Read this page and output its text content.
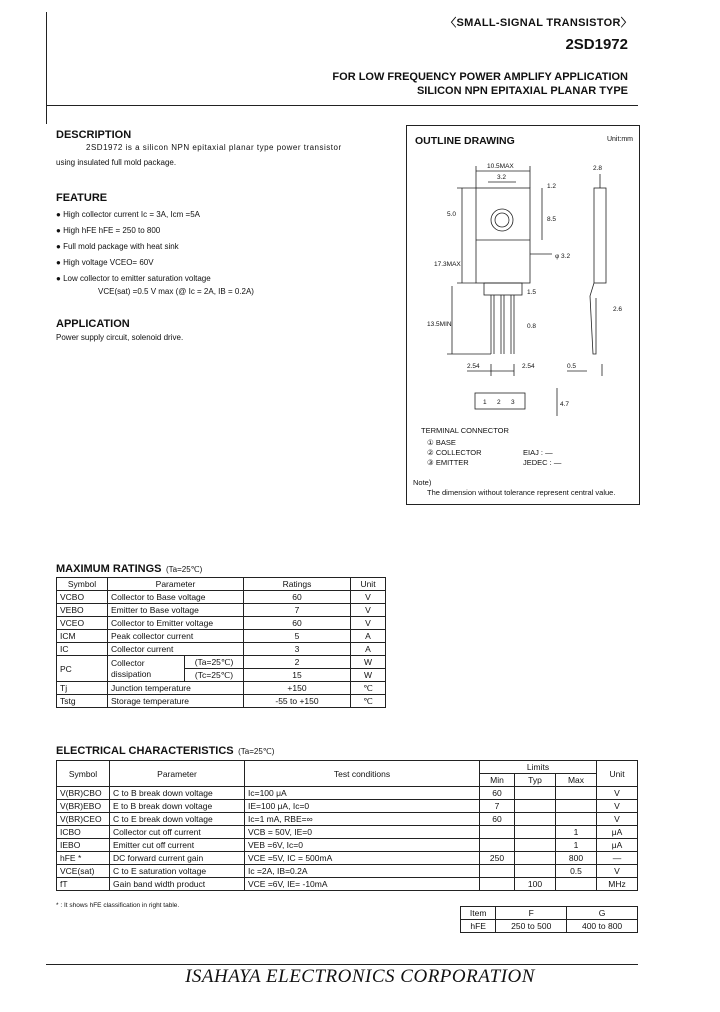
〈SMALL-SIGNAL TRANSISTOR〉
2SD1972
FOR LOW FREQUENCY POWER AMPLIFY APPLICATION
SILICON NPN EPITAXIAL PLANAR TYPE
DESCRIPTION
2SD1972 is a silicon NPN epitaxial planar type power transistor
using insulated full mold package.
FEATURE
● High collector current Ic = 3A, Icm =5A
● High hFE hFE = 250 to 800
● Full mold package with heat sink
● High voltage VCEO= 60V
● Low collector to emitter saturation voltage
VCE(sat) =0.5 V max (@ Ic = 2A, IB = 0.2A)
APPLICATION
Power supply circuit, solenoid drive.
OUTLINE DRAWING	Unit:mm
10.5MAX
3.2
2.8
1.2
5.0
8.5
17.3MAX
φ 3.2
1.5
13.5MIN	0.8
2.6
2.54	2.54	0.5
4.7
1 2 3
TERMINAL CONNECTOR
① BASE
② COLLECTOR
③ EMITTER
EIAJ : —
JEDEC : —
Note)
The dimension without tolerance represent central value.
MAXIMUM RATINGS (Ta=25℃)
Symbol	Parameter		Ratings	Unit
VCBO	Collector to Base voltage		60	V
VEBO	Emitter to Base voltage		7	V
VCEO	Collector to Emitter voltage		60	V
ICM	Peak collector current		5	A
IC	Collector current		3	A
PC	Collector
dissipation	(Ta=25℃)	2	W
		(Tc=25℃)	15	W
Tj	Junction temperature		+150	℃
Tstg	Storage temperature		-55 to +150	℃
ELECTRICAL CHARACTERISTICS (Ta=25℃)
Symbol	Parameter	Test conditions	Limits			Unit
			Min	Typ	Max	
V(BR)CBO	C to B break down voltage	Ic=100 μA	60			V
V(BR)EBO	E to B break down voltage	IE=100 μA, Ic=0	7			V
V(BR)CEO	C to E break down voltage	Ic=1 mA, RBE=∞	60			V
ICBO	Collector cut off current	VCB = 50V, IE=0			1	μA
IEBO	Emitter cut off current	VEB =6V, Ic=0			1	μA
hFE *	DC forward current gain	VCE =5V, IC = 500mA	250		800	—
VCE(sat)	C to E saturation voltage	Ic =2A, IB=0.2A			0.5	V
fT	Gain band width product	VCE =6V, IE= -10mA		100		MHz
* : It shows hFE classification in right table.
Item	F	G
hFE	250 to 500	400 to 800
ISAHAYA ELECTRONICS CORPORATION
